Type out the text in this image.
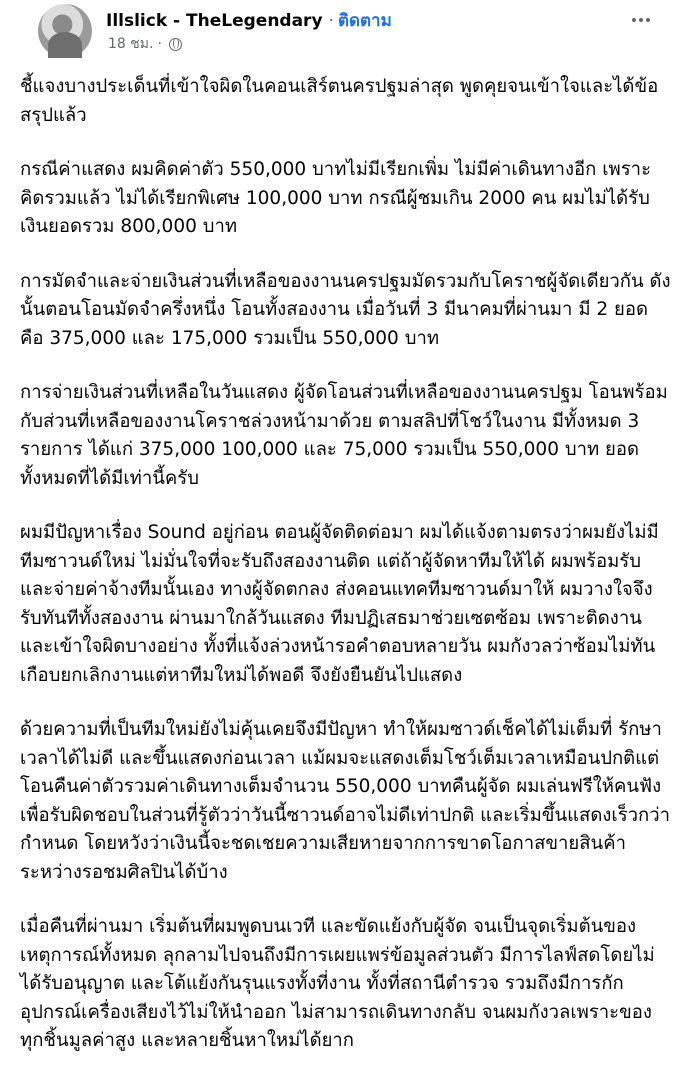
Illslick - TheLegendary · ติดตาม
18 ชม. ·

ชี้แจงบางประเด็นที่เข้าใจผิดในคอนเสิร์ตนครปฐมล่าสุด พูดคุยจนเข้าใจและได้ข้อสรุปแล้ว

กรณีค่าแสดง ผมคิดค่าตัว 550,000 บาทไม่มีเรียกเพิ่ม ไม่มีค่าเดินทางอีก เพราะคิดรวมแล้ว ไม่ได้เรียกพิเศษ 100,000 บาท กรณีผู้ชมเกิน 2000 คน ผมไม่ได้รับเงินยอดรวม 800,000 บาท

การมัดจำและจ่ายเงินส่วนที่เหลือของงานนครปฐมมัดรวมกับโคราชผู้จัดเดียวกัน ดังนั้นตอนโอนมัดจำครึ่งหนึ่ง โอนทั้งสองงาน เมื่อวันที่ 3 มีนาคมที่ผ่านมา มี 2 ยอด คือ 375,000 และ 175,000 รวมเป็น 550,000 บาท

การจ่ายเงินส่วนที่เหลือในวันแสดง ผู้จัดโอนส่วนที่เหลือของงานนครปฐม โอนพร้อมกับส่วนที่เหลือของงานโคราชล่วงหน้ามาด้วย ตามสลิปที่โชว์ในงาน มีทั้งหมด 3 รายการ ได้แก่ 375,000 100,000 และ 75,000 รวมเป็น 550,000 บาท ยอดทั้งหมดที่ได้มีเท่านี้ครับ

ผมมีปัญหาเรื่อง Sound อยู่ก่อน ตอนผู้จัดติดต่อมา ผมได้แจ้งตามตรงว่าผมยังไม่มีทีมซาวนด์ใหม่ ไม่มั่นใจที่จะรับถึงสองงานติด แต่ถ้าผู้จัดหาทีมให้ได้ ผมพร้อมรับและจ่ายค่าจ้างทีมนั้นเอง ทางผู้จัดตกลง ส่งคอนแทคทีมซาวนด์มาให้ ผมวางใจจึงรับทันทีทั้งสองงาน ผ่านมาใกล้วันแสดง ทีมปฏิเสธมาช่วยเซตซ้อม เพราะติดงานและเข้าใจผิดบางอย่าง ทั้งที่แจ้งล่วงหน้ารอคำตอบหลายวัน ผมกังวลว่าซ้อมไม่ทัน เกือบยกเลิกงานแต่หาทีมใหม่ได้พอดี จึงยังยืนยันไปแสดง

ด้วยความที่เป็นทีมใหม่ยังไม่คุ้นเคยจึงมีปัญหา ทำให้ผมซาวด์เช็คได้ไม่เต็มที่ รักษาเวลาได้ไม่ดี และขึ้นแสดงก่อนเวลา แม้ผมจะแสดงเต็มโชว์เต็มเวลาเหมือนปกติแต่โอนคืนค่าตัวรวมค่าเดินทางเต็มจำนวน 550,000 บาทคืนผู้จัด ผมเล่นฟรีให้คนฟังเพื่อรับผิดชอบในส่วนที่รู้ตัวว่าวันนี้ซาวนด์อาจไม่ดีเท่าปกติ และเริ่มขึ้นแสดงเร็วกว่ากำหนด โดยหวังว่าเงินนี้จะชดเชยความเสียหายจากการขาดโอกาสขายสินค้าระหว่างรอชมศิลปินได้บ้าง

เมื่อคืนที่ผ่านมา เริ่มต้นที่ผมพูดบนเวที และขัดแย้งกับผู้จัด จนเป็นจุดเริ่มต้นของเหตุการณ์ทั้งหมด ลุกลามไปจนถึงมีการเผยแพร่ข้อมูลส่วนตัว มีการไลฟ์สดโดยไม่ได้รับอนุญาต และโต้แย้งกันรุนแรงทั้งที่งาน ทั้งที่สถานีตำรวจ รวมถึงมีการกักอุปกรณ์เครื่องเสียงไว้ไม่ให้นำออก ไม่สามารถเดินทางกลับ จนผมกังวลเพราะของทุกชิ้นมูลค่าสูง และหลายชิ้นหาใหม่ได้ยาก
